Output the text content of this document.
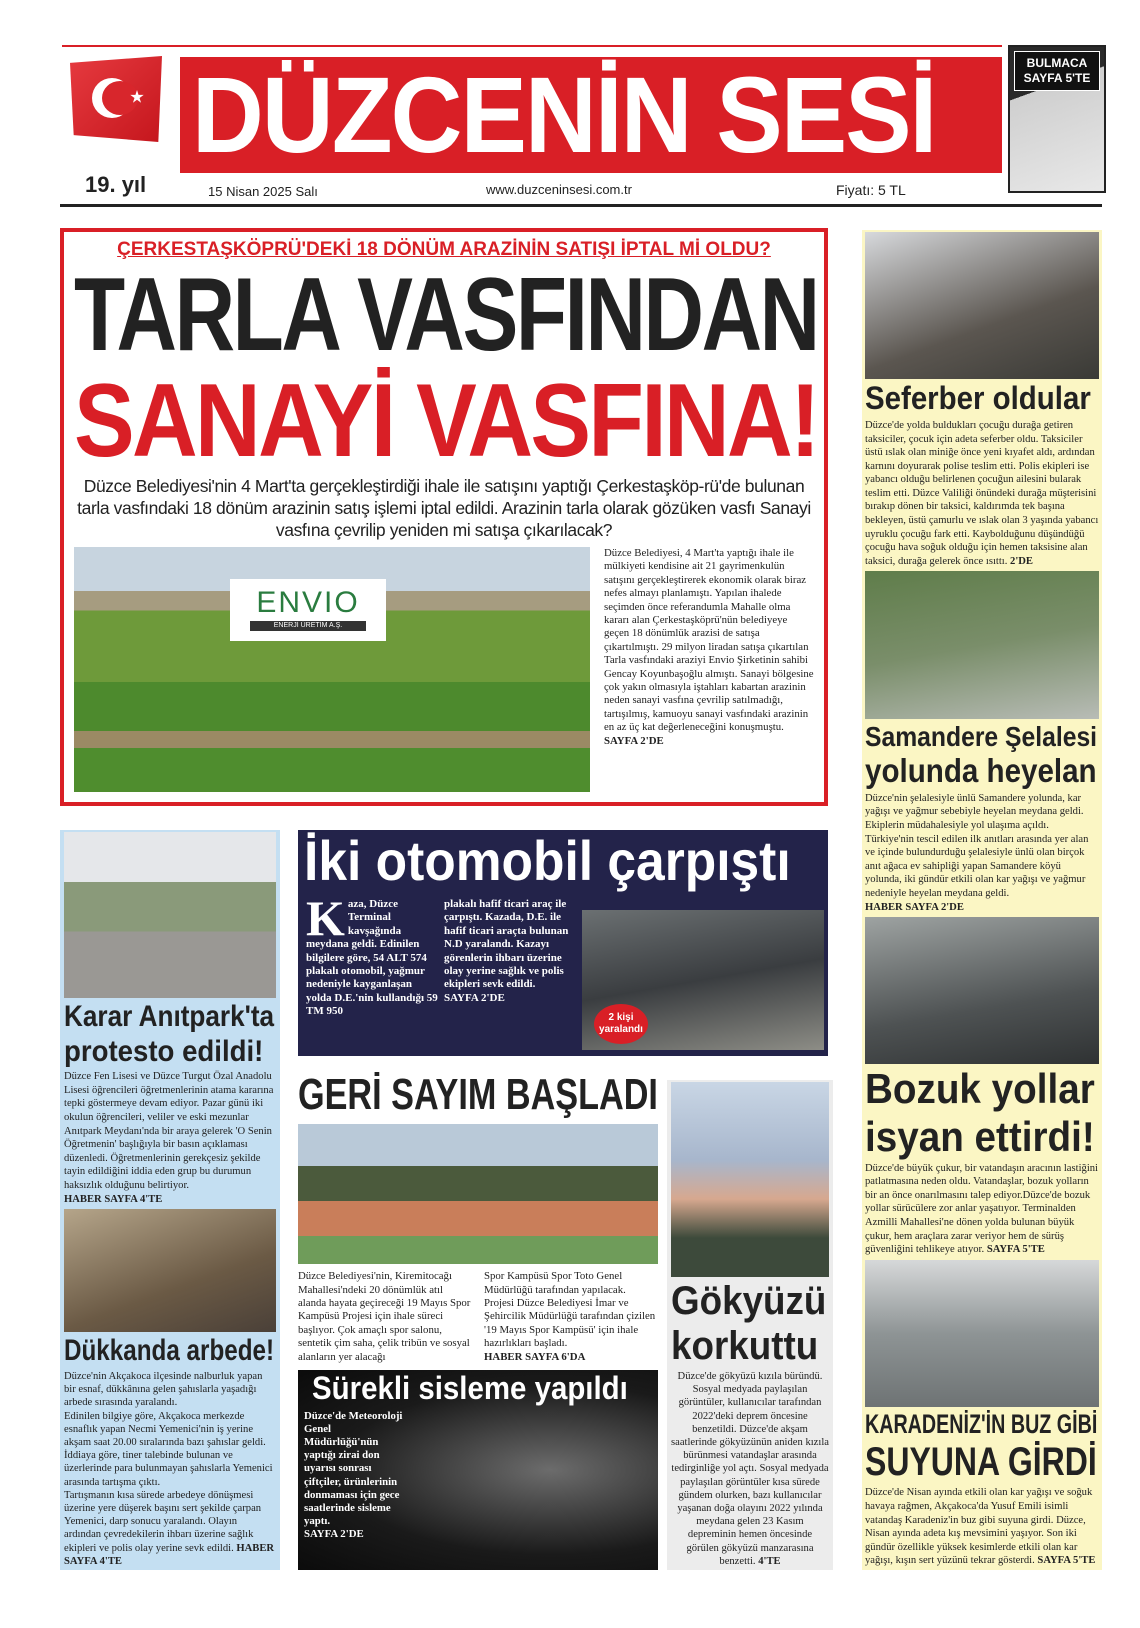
DÜZCENİN SESİ	BULMACA
SAYFA 5'TE
19. yıl	15 Nisan 2025 Salı	www.duzceninsesi.com.tr	Fiyatı: 5 TL
ÇERKESTAŞKÖPRÜ'DEKİ 18 DÖNÜM ARAZİNİN SATIŞI İPTAL Mİ OLDU?
TARLA VASFINDAN
SANAYİ VASFINA!
Düzce Belediyesi'nin 4 Mart'ta gerçekleştirdiği ihale ile satışını yaptığı Çerkestaşköp-rü'de bulunan tarla vasfındaki 18 dönüm arazinin satış işlemi iptal edildi. Arazinin tarla olarak gözüken vasfı Sanayi vasfına çevrilip yeniden mi satışa çıkarılacak?
ENVIO
ENERJİ ÜRETİM A.Ş.
Düzce Belediyesi, 4 Mart'ta yaptığı ihale ile mülkiyeti kendisine ait 21 gayrimenkulün satışını gerçekleştirerek ekonomik olarak biraz nefes almayı planlamıştı. Yapılan ihalede seçimden önce referandumla Mahalle olma kararı alan Çerkestaşköprü'nün belediyeye geçen 18 dönümlük arazisi de satışa çıkartılmıştı. 29 milyon liradan satışa çıkartılan Tarla vasfındaki araziyi Envio Şirketinin sahibi Gencay Koyunbaşoğlu almıştı. Sanayi bölgesine çok yakın olmasıyla iştahları kabartan arazinin neden sanayi vasfına çevrilip satılmadığı, tartışılmış, kamuoyu sanayi vasfındaki arazinin en az üç kat değerleneceğini konuşmuştu. SAYFA 2'DE
Seferber oldular
Düzce'de yolda buldukları çocuğu durağa getiren taksiciler, çocuk için adeta seferber oldu. Taksiciler üstü ıslak olan miniğe önce yeni kıyafet aldı, ardından karnını doyurarak polise teslim etti. Polis ekipleri ise yabancı olduğu belirlenen çocuğun ailesini bularak teslim etti. Düzce Valiliği önündeki durağa müşterisini bırakıp dönen bir taksici, kaldırımda tek başına bekleyen, üstü çamurlu ve ıslak olan 3 yaşında yabancı uyruklu çocuğu fark etti. Kaybolduğunu düşündüğü çocuğu hava soğuk olduğu için hemen taksisine alan taksici, durağa gelerek önce ısıttı. 2'DE
Samandere Şelalesi
yolunda heyelan
Düzce'nin şelalesiyle ünlü Samandere yolunda, kar yağışı ve yağmur sebebiyle heyelan meydana geldi. Ekiplerin müdahalesiyle yol ulaşıma açıldı. Türkiye'nin tescil edilen ilk anıtları arasında yer alan ve içinde bulundurduğu şelalesiyle ünlü olan birçok anıt ağaca ev sahipliği yapan Samandere köyü yolunda, iki gündür etkili olan kar yağışı ve yağmur nedeniyle heyelan meydana geldi.
HABER SAYFA 2'DE
Bozuk yollar
isyan ettirdi!
Düzce'de büyük çukur, bir vatandaşın aracının lastiğini patlatmasına neden oldu. Vatandaşlar, bozuk yolların bir an önce onarılmasını talep ediyor.Düzce'de bozuk yollar sürücülere zor anlar yaşatıyor. Terminalden Azmilli Mahallesi'ne dönen yolda bulunan büyük çukur, hem araçlara zarar veriyor hem de sürüş güvenliğini tehlikeye atıyor. SAYFA 5'TE
KARADENİZ'İN BUZ GİBİ
SUYUNA GİRDİ
Düzce'de Nisan ayında etkili olan kar yağışı ve soğuk havaya rağmen, Akçakoca'da Yusuf Emili isimli vatandaş Karadeniz'in buz gibi suyuna girdi. Düzce, Nisan ayında adeta kış mevsimini yaşıyor. Son iki gündür özellikle yüksek kesimlerde etkili olan kar yağışı, kışın sert yüzünü tekrar gösterdi. SAYFA 5'TE
Karar Anıtpark'ta
protesto edildi!
Düzce Fen Lisesi ve Düzce Turgut Özal Anadolu Lisesi öğrencileri öğretmenlerinin atama kararına tepki göstermeye devam ediyor. Pazar günü iki okulun öğrencileri, veliler ve eski mezunlar Anıtpark Meydanı'nda bir araya gelerek 'O Senin Öğretmenin' başlığıyla bir basın açıklaması düzenledi. Öğretmenlerinin gerekçesiz şekilde tayin edildiğini iddia eden grup bu durumun haksızlık olduğunu belirtiyor.
HABER SAYFA 4'TE
Dükkanda arbede!
Düzce'nin Akçakoca ilçesinde nalburluk yapan bir esnaf, dükkânına gelen şahıslarla yaşadığı arbede sırasında yaralandı.
Edinilen bilgiye göre, Akçakoca merkezde esnaflık yapan Necmi Yemenici'nin iş yerine akşam saat 20.00 sıralarında bazı şahıslar geldi. İddiaya göre, tiner talebinde bulunan ve üzerlerinde para bulunmayan şahıslarla Yemenici arasında tartışma çıktı.
Tartışmanın kısa sürede arbedeye dönüşmesi üzerine yere düşerek başını sert şekilde çarpan Yemenici, darp sonucu yaralandı. Olayın ardından çevredekilerin ihbarı üzerine sağlık ekipleri ve polis olay yerine sevk edildi. HABER SAYFA 4'TE
İki otomobil çarpıştı
Kaza, Düzce Terminal kavşağında meydana geldi. Edinilen bilgilere göre, 54 ALT 574 plakalı otomobil, yağmur nedeniyle kayganlaşan yolda D.E.'nin kullandığı 59 TM 950
plakalı hafif ticari araç ile çarpıştı. Kazada, D.E. ile hafif ticari araçta bulunan N.D yaralandı. Kazayı görenlerin ihbarı üzerine olay yerine sağlık ve polis ekipleri sevk edildi.
SAYFA 2'DE
2 kişi
yaralandı
GERİ SAYIM BAŞLADI
Düzce Belediyesi'nin, Kiremitocağı Mahallesi'ndeki 20 dönümlük atıl alanda hayata geçireceği 19 Mayıs Spor Kampüsü Projesi için ihale süreci başlıyor. Çok amaçlı spor salonu, sentetik çim saha, çelik tribün ve sosyal alanların yer alacağı
Spor Kampüsü Spor Toto Genel Müdürlüğü tarafından yapılacak.
Projesi Düzce Belediyesi İmar ve Şehircilik Müdürlüğü tarafından çizilen '19 Mayıs Spor Kampüsü' için ihale hazırlıkları başladı.
HABER SAYFA 6'DA
Sürekli sisleme yapıldı
Düzce'de Meteoroloji Genel Müdürlüğü'nün yaptığı zirai don uyarısı sonrası çiftçiler, ürünlerinin donmaması için gece saatlerinde sisleme yaptı.
SAYFA 2'DE
Gökyüzü
korkuttu
Düzce'de gökyüzü kızıla büründü. Sosyal medyada paylaşılan görüntüler, kullanıcılar tarafından 2022'deki deprem öncesine benzetildi. Düzce'de akşam saatlerinde gökyüzünün aniden kızıla bürünmesi vatandaşlar arasında tedirginliğe yol açtı. Sosyal medyada paylaşılan görüntüler kısa sürede gündem olurken, bazı kullanıcılar yaşanan doğa olayını 2022 yılında meydana gelen 23 Kasım depreminin hemen öncesinde görülen gökyüzü manzarasına benzetti. 4'TE
